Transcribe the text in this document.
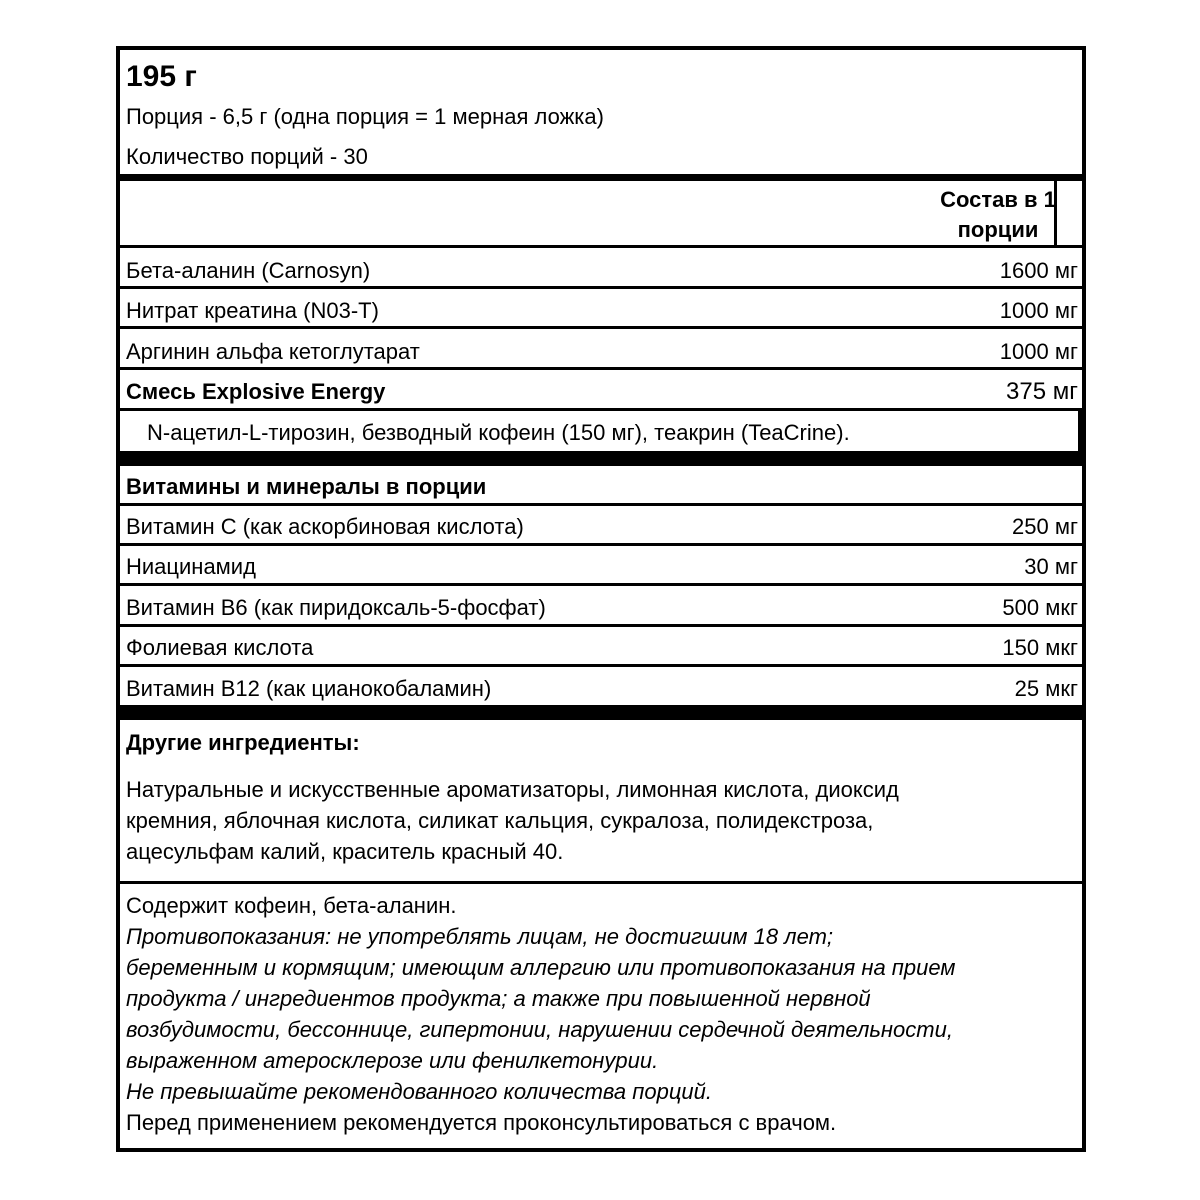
195 г
Порция - 6,5 г (одна порция = 1 мерная ложка)
Количество порций - 30
Состав в 1
порции
Бета-аланин (Carnosyn)	1600 мг
Нитрат креатина (N03-T)	1000 мг
Аргинин альфа кетоглутарат	1000 мг
Смесь Explosive Energy	375 мг
N-ацетил-L-тирозин, безводный кофеин (150 мг), теакрин (TeaCrine).
Витамины и минералы в порции
Витамин С (как аскорбиновая кислота)	250 мг
Ниацинамид	30 мг
Витамин В6 (как пиридоксаль-5-фосфат)	500 мкг
Фолиевая кислота	150 мкг
Витамин В12 (как цианокобаламин)	25 мкг
Другие ингредиенты:
Натуральные и искусственные ароматизаторы, лимонная кислота, диоксид
кремния, яблочная кислота, силикат кальция, сукралоза, полидекстроза,
ацесульфам калий, краситель красный 40.
Содержит кофеин, бета-аланин.
Противопоказания: не употреблять лицам, не достигшим 18 лет;
беременным и кормящим; имеющим аллергию или противопоказания на прием
продукта / ингредиентов продукта; а также при повышенной нервной
возбудимости, бессоннице, гипертонии, нарушении сердечной деятельности,
выраженном атеросклерозе или фенилкетонурии.
Не превышайте рекомендованного количества порций.
Перед применением рекомендуется проконсультироваться с врачом.
